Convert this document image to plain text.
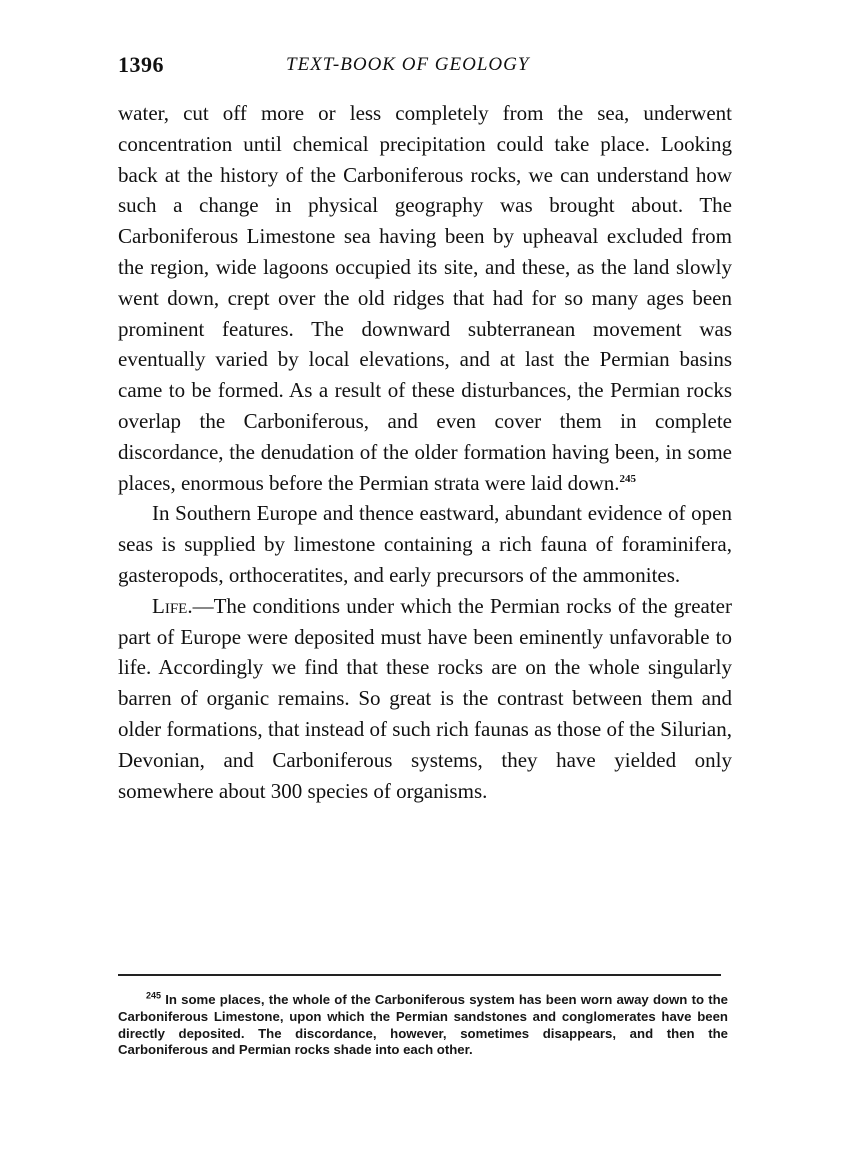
1396	TEXT-BOOK OF GEOLOGY

water, cut off more or less completely from the sea, underwent concentration until chemical precipitation could take place. Looking back at the history of the Carboniferous rocks, we can understand how such a change in physical geography was brought about. The Carboniferous Limestone sea having been by upheaval excluded from the region, wide lagoons occupied its site, and these, as the land slowly went down, crept over the old ridges that had for so many ages been prominent features. The downward subterranean movement was eventually varied by local elevations, and at last the Permian basins came to be formed. As a result of these disturbances, the Permian rocks overlap the Carboniferous, and even cover them in complete discordance, the denudation of the older formation having been, in some places, enormous before the Permian strata were laid down.$^{245}$

In Southern Europe and thence eastward, abundant evidence of open seas is supplied by limestone containing a rich fauna of foraminifera, gasteropods, orthoceratites, and early precursors of the ammonites.

Life.—The conditions under which the Permian rocks of the greater part of Europe were deposited must have been eminently unfavorable to life. Accordingly we find that these rocks are on the whole singularly barren of organic remains. So great is the contrast between them and older formations, that instead of such rich faunas as those of the Silurian, Devonian, and Carboniferous systems, they have yielded only somewhere about 300 species of organisms.

$^{245}$ In some places, the whole of the Carboniferous system has been worn away down to the Carboniferous Limestone, upon which the Permian sandstones and conglomerates have been directly deposited. The discordance, however, sometimes disappears, and then the Carboniferous and Permian rocks shade into each other.
